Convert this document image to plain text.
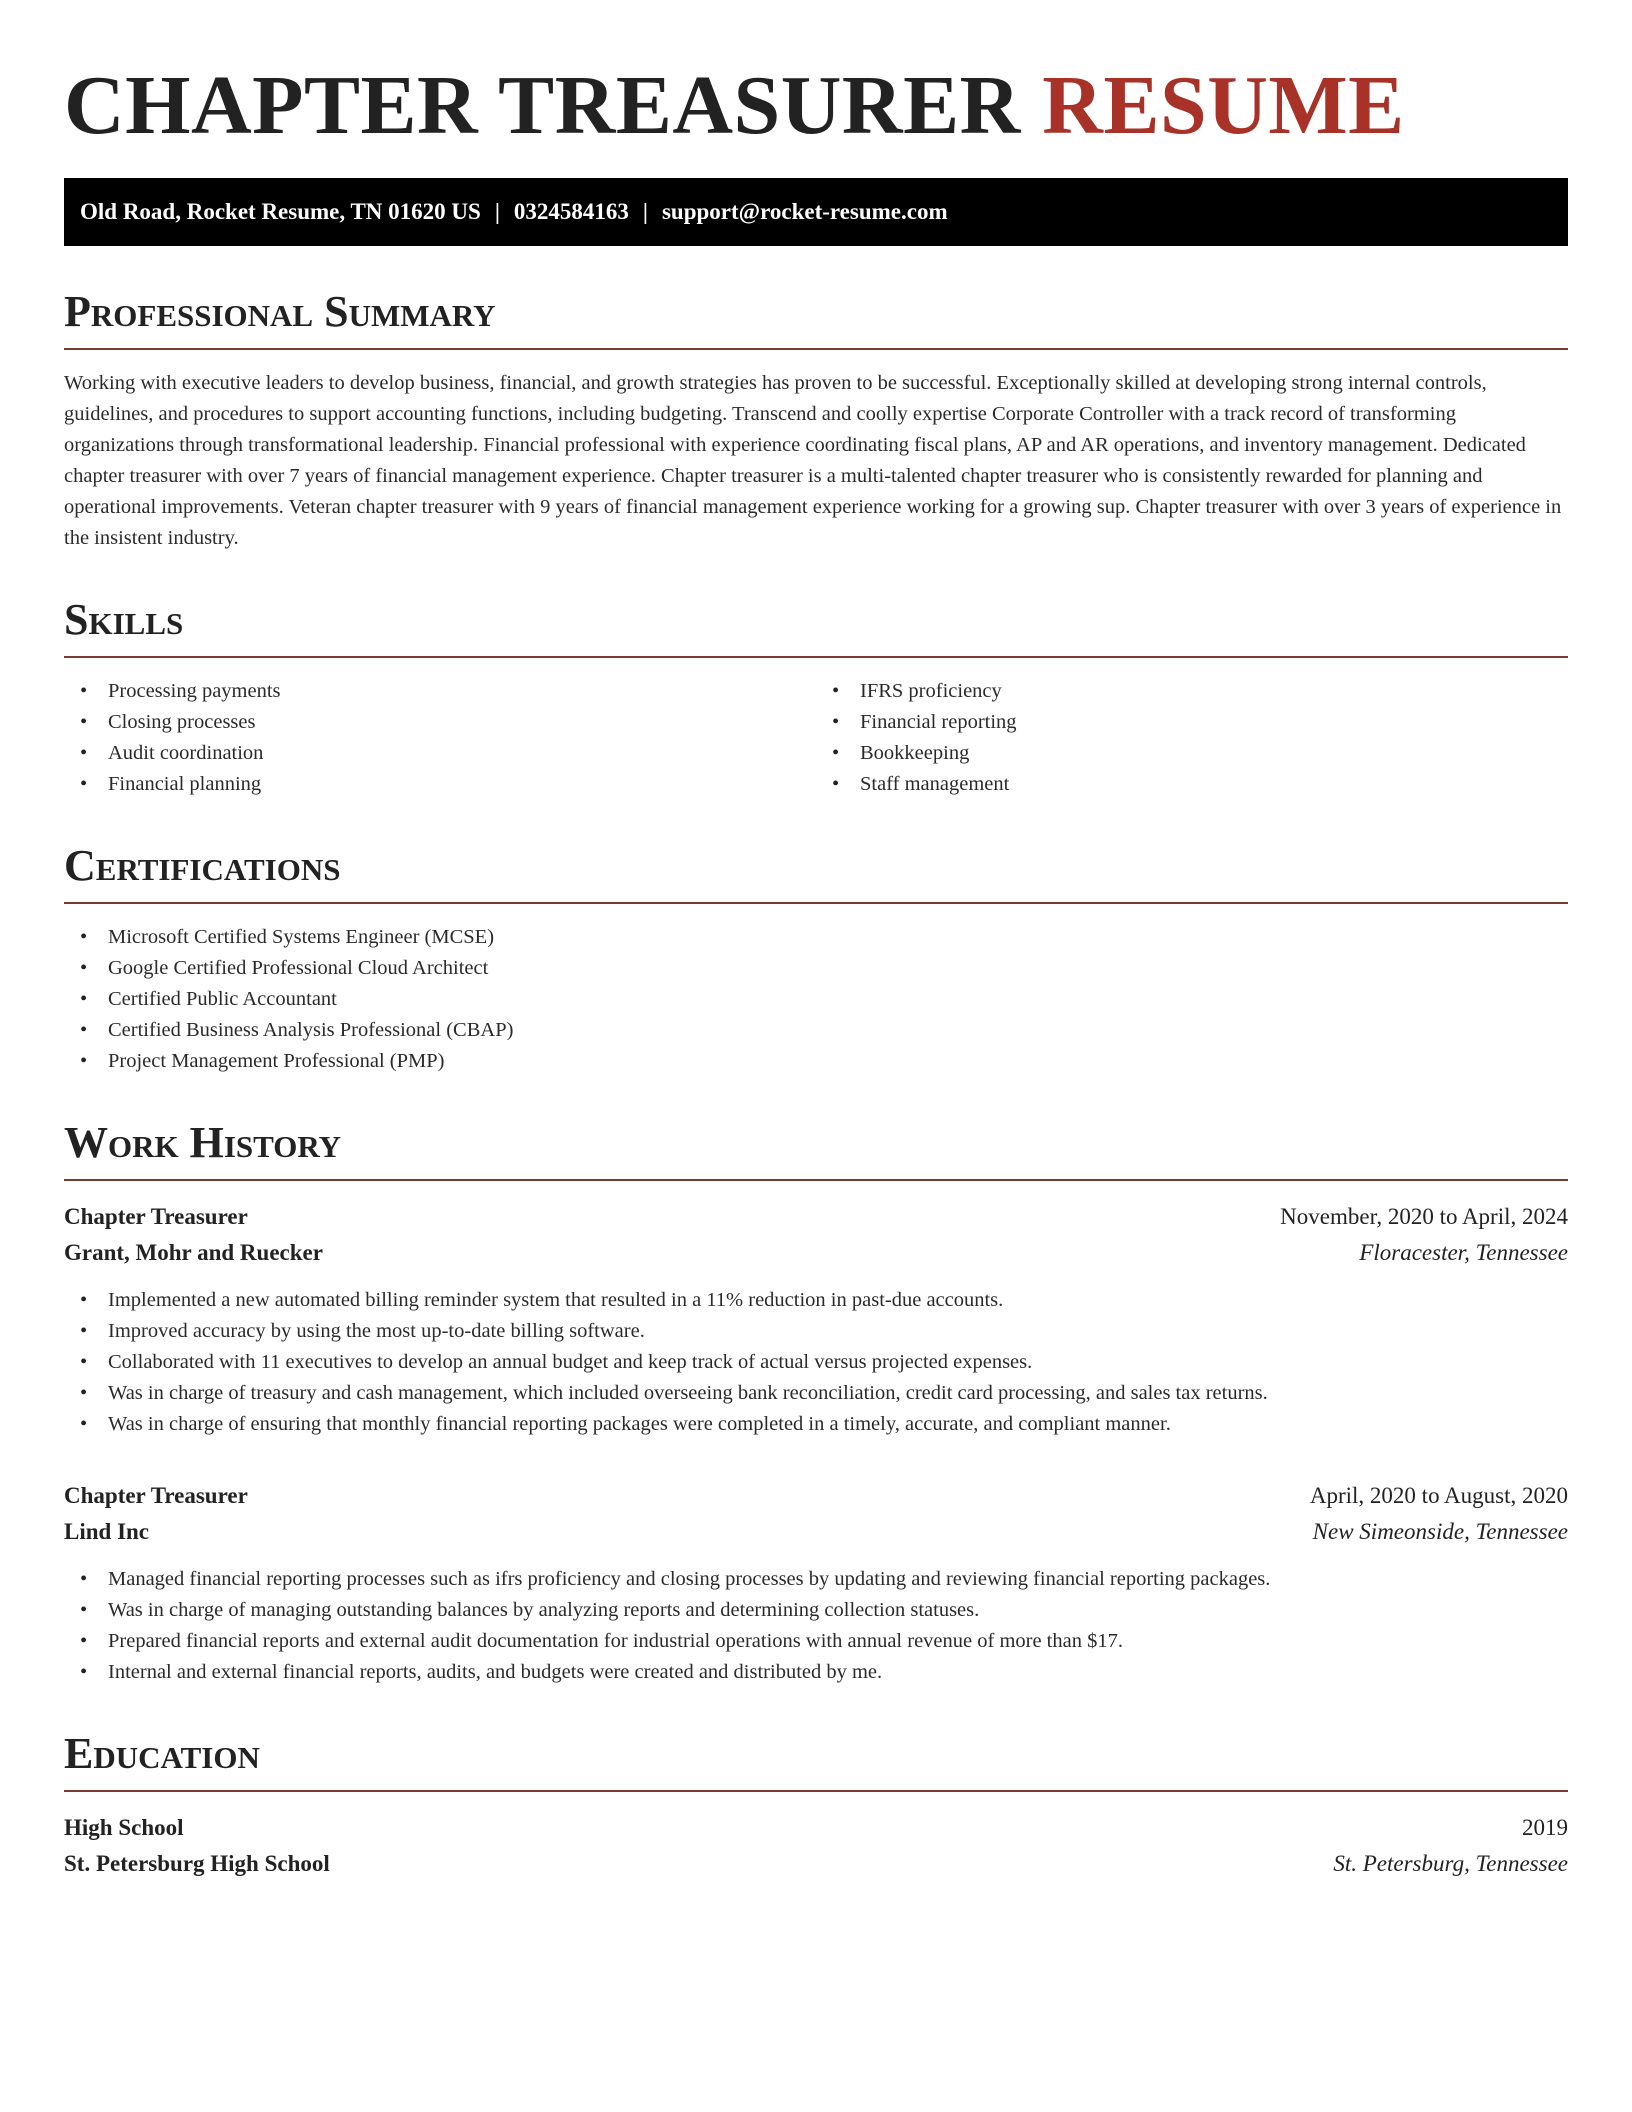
CHAPTER TREASURER RESUME
Old Road, Rocket Resume, TN 01620 US | 0324584163 | support@rocket-resume.com
Professional Summary

Working with executive leaders to develop business, financial, and growth strategies has proven to be successful. Exceptionally skilled at developing strong internal controls, guidelines, and procedures to support accounting functions, including budgeting. Transcend and coolly expertise Corporate Controller with a track record of transforming organizations through transformational leadership. Financial professional with experience coordinating fiscal plans, AP and AR operations, and inventory management. Dedicated chapter treasurer with over 7 years of financial management experience. Chapter treasurer is a multi-talented chapter treasurer who is consistently rewarded for planning and operational improvements. Veteran chapter treasurer with 9 years of financial management experience working for a growing sup. Chapter treasurer with over 3 years of experience in the insistent industry.

Skills
• Processing payments
• Closing processes
• Audit coordination
• Financial planning
• IFRS proficiency
• Financial reporting
• Bookkeeping
• Staff management
Certifications
• Microsoft Certified Systems Engineer (MCSE)
• Google Certified Professional Cloud Architect
• Certified Public Accountant
• Certified Business Analysis Professional (CBAP)
• Project Management Professional (PMP)
Work History
Chapter Treasurer	November, 2020 to April, 2024
Grant, Mohr and Ruecker	Floracester, Tennessee
• Implemented a new automated billing reminder system that resulted in a 11% reduction in past-due accounts.
• Improved accuracy by using the most up-to-date billing software.
• Collaborated with 11 executives to develop an annual budget and keep track of actual versus projected expenses.
• Was in charge of treasury and cash management, which included overseeing bank reconciliation, credit card processing, and sales tax returns.
• Was in charge of ensuring that monthly financial reporting packages were completed in a timely, accurate, and compliant manner.
Chapter Treasurer	April, 2020 to August, 2020
Lind Inc	New Simeonside, Tennessee
• Managed financial reporting processes such as ifrs proficiency and closing processes by updating and reviewing financial reporting packages.
• Was in charge of managing outstanding balances by analyzing reports and determining collection statuses.
• Prepared financial reports and external audit documentation for industrial operations with annual revenue of more than $17.
• Internal and external financial reports, audits, and budgets were created and distributed by me.
Education
High School	2019
St. Petersburg High School	St. Petersburg, Tennessee
